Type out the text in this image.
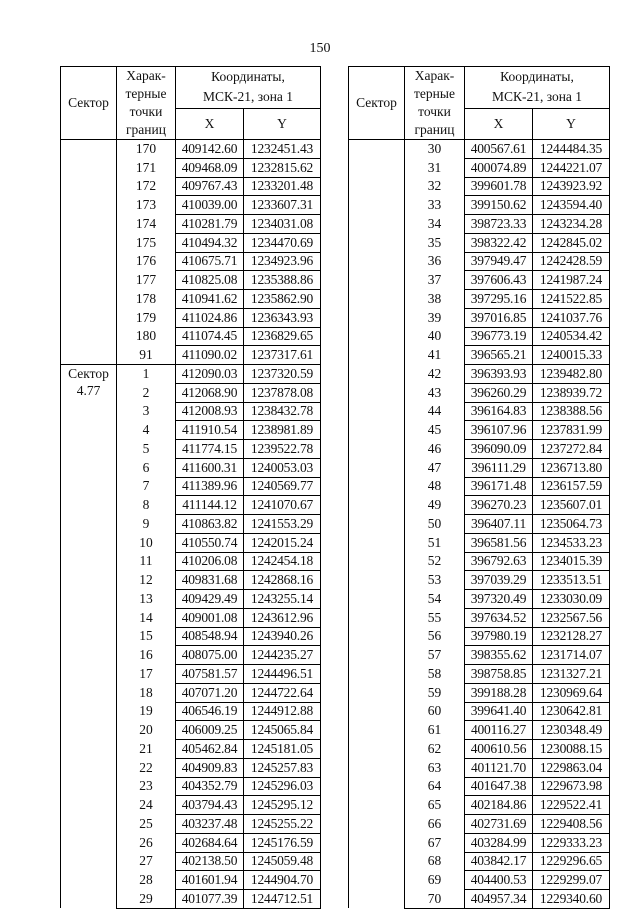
150
Сектор	Харак-
терные
точки
границ	Координаты,
МСК-21, зона 1	
		X	Y
	170	409142.60	1232451.43
	171	409468.09	1232815.62
	172	409767.43	1233201.48
	173	410039.00	1233607.31
	174	410281.79	1234031.08
	175	410494.32	1234470.69
	176	410675.71	1234923.96
	177	410825.08	1235388.86
	178	410941.62	1235862.90
	179	411024.86	1236343.93
	180	411074.45	1236829.65
	91	411090.02	1237317.61
Сектор 4.77	1	412090.03	1237320.59
	2	412068.90	1237878.08
	3	412008.93	1238432.78
	4	411910.54	1238981.89
	5	411774.15	1239522.78
	6	411600.31	1240053.03
	7	411389.96	1240569.77
	8	411144.12	1241070.67
	9	410863.82	1241553.29
	10	410550.74	1242015.24
	11	410206.08	1242454.18
	12	409831.68	1242868.16
	13	409429.49	1243255.14
	14	409001.08	1243612.96
	15	408548.94	1243940.26
	16	408075.00	1244235.27
	17	407581.57	1244496.51
	18	407071.20	1244722.64
	19	406546.19	1244912.88
	20	406009.25	1245065.84
	21	405462.84	1245181.05
	22	404909.83	1245257.83
	23	404352.79	1245296.03
	24	403794.43	1245295.12
	25	403237.48	1245255.22
	26	402684.64	1245176.59
	27	402138.50	1245059.48
	28	401601.94	1244904.70
	29	401077.39	1244712.51
Сектор	Харак-
терные
точки
границ	Координаты,
МСК-21, зона 1	
		X	Y
	30	400567.61	1244484.35
	31	400074.89	1244221.07
	32	399601.78	1243923.92
	33	399150.62	1243594.40
	34	398723.33	1243234.28
	35	398322.42	1242845.02
	36	397949.47	1242428.59
	37	397606.43	1241987.24
	38	397295.16	1241522.85
	39	397016.85	1241037.76
	40	396773.19	1240534.42
	41	396565.21	1240015.33
	42	396393.93	1239482.80
	43	396260.29	1238939.72
	44	396164.83	1238388.56
	45	396107.96	1237831.99
	46	396090.09	1237272.84
	47	396111.29	1236713.80
	48	396171.48	1236157.59
	49	396270.23	1235607.01
	50	396407.11	1235064.73
	51	396581.56	1234533.23
	52	396792.63	1234015.39
	53	397039.29	1233513.51
	54	397320.49	1233030.09
	55	397634.52	1232567.56
	56	397980.19	1232128.27
	57	398355.62	1231714.07
	58	398758.85	1231327.21
	59	399188.28	1230969.64
	60	399641.40	1230642.81
	61	400116.27	1230348.49
	62	400610.56	1230088.15
	63	401121.70	1229863.04
	64	401647.38	1229673.98
	65	402184.86	1229522.41
	66	402731.69	1229408.56
	67	403284.99	1229333.23
	68	403842.17	1229296.65
	69	404400.53	1229299.07
	70	404957.34	1229340.60
